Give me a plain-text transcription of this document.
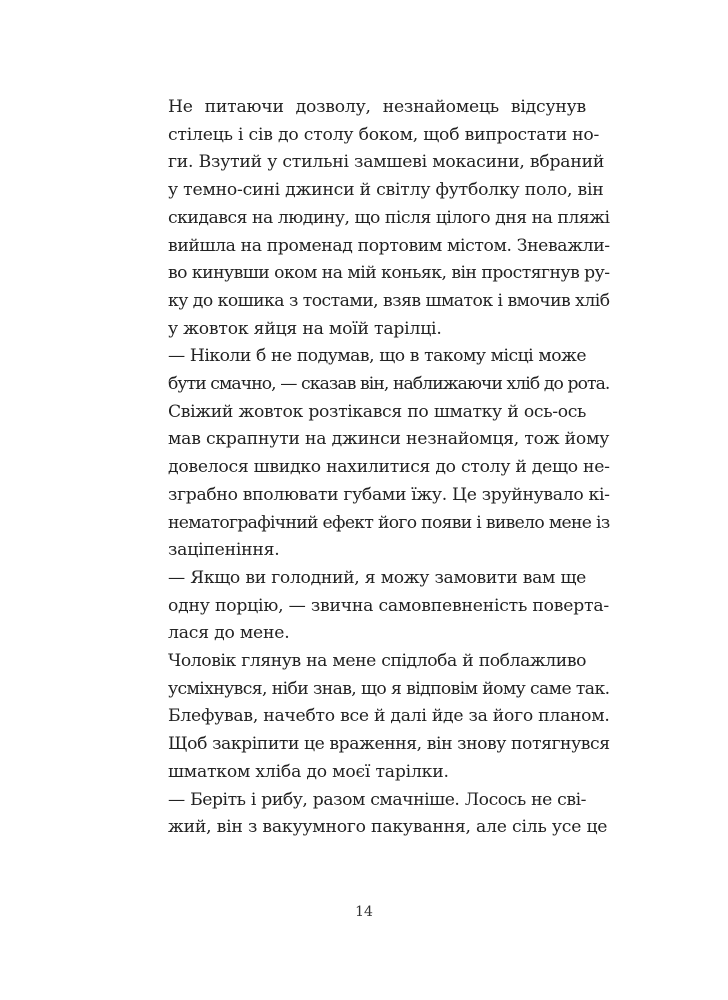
Не питаючи дозволу, незнайомець відсунув
стілець і сів до столу боком, щоб випростати но-
ги. Взутий у стильні замшеві мокасини, вбраний
у темно-сині джинси й світлу футболку поло, він
скидався на людину, що після цілого дня на пляжі
вийшла на променад портовим містом. Зневажли-
во кинувши оком на мій коньяк, він простягнув ру-
ку до кошика з тостами, взяв шматок і вмочив хліб
у жовток яйця на моїй тарілці.

— Ніколи б не подумав, що в такому місці може
бути смачно, — сказав він, наближаючи хліб до рота.

Свіжий жовток розтікався по шматку й ось-ось
мав скрапнути на джинси незнайомця, тож йому
довелося швидко нахилитися до столу й дещо не-
зграбно вполювати губами їжу. Це зруйнувало кі-
нематографічний ефект його появи і вивело мене із
заціпеніння.

— Якщо ви голодний, я можу замовити вам ще
одну порцію, — звична самовпевненість поверта-
лася до мене.

Чоловік глянув на мене спідлоба й поблажливо
усміхнувся, ніби знав, що я відповім йому саме так.
Блефував, начебто все й далі йде за його планом.
Щоб закріпити це враження, він знову потягнувся
шматком хліба до моєї тарілки.

— Беріть і рибу, разом смачніше. Лосось не сві-
жий, він з вакуумного пакування, але сіль усе це

14
